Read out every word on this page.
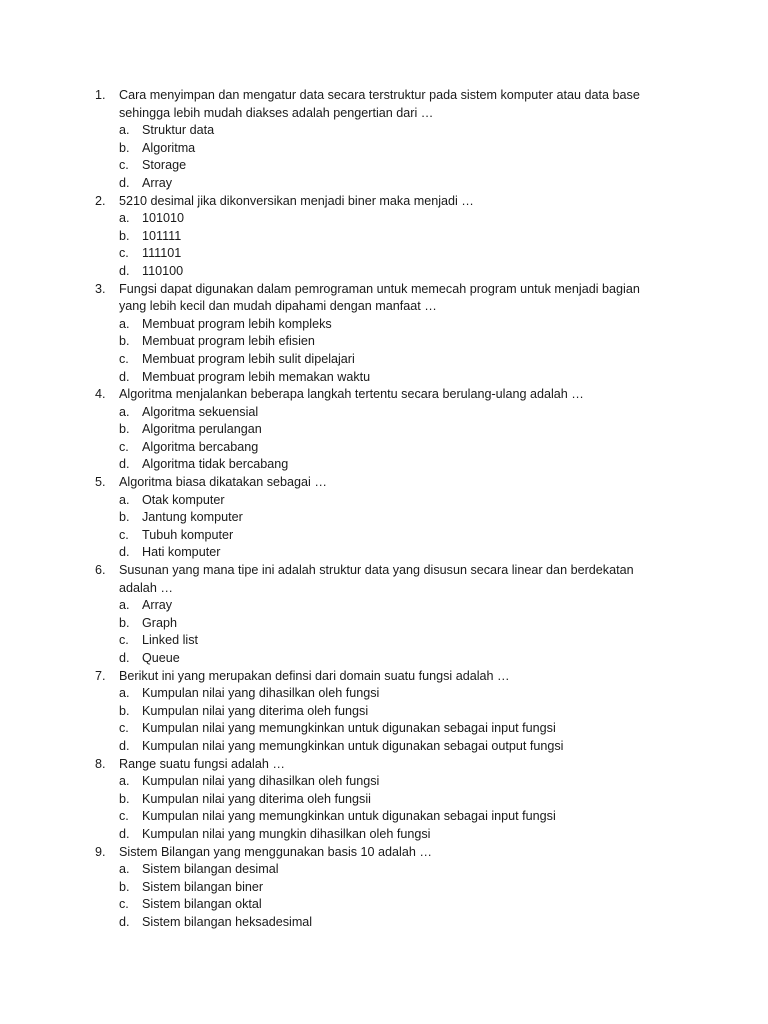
1.	Cara menyimpan dan mengatur data secara terstruktur pada sistem komputer atau data base sehingga lebih mudah diakses adalah pengertian dari …
a. Struktur data
b. Algoritma
c.	Storage
d. Array
2.	5210 desimal jika dikonversikan menjadi biner maka menjadi …
a. 101010
b. 101111
c.	111101
d. 110100
3.	Fungsi dapat digunakan dalam pemrograman untuk memecah program untuk menjadi bagian yang lebih kecil dan mudah dipahami dengan manfaat …
a. Membuat program lebih kompleks
b. Membuat program lebih efisien
c.	Membuat program lebih sulit dipelajari
d. Membuat program lebih memakan waktu
4.	Algoritma menjalankan beberapa langkah tertentu secara berulang-ulang adalah …
a. Algoritma sekuensial
b. Algoritma perulangan
c.	Algoritma bercabang
d. Algoritma tidak bercabang
5.	Algoritma biasa dikatakan sebagai …
a. Otak komputer
b. Jantung komputer
c.	Tubuh komputer
d. Hati komputer
6.	Susunan yang mana tipe ini adalah struktur data yang disusun secara linear dan berdekatan adalah …
a. Array
b. Graph
c.	Linked list
d. Queue
7.	Berikut ini yang merupakan definsi dari domain suatu fungsi adalah …
a. Kumpulan nilai yang dihasilkan oleh fungsi
b. Kumpulan nilai yang diterima oleh fungsi
c.	Kumpulan nilai yang memungkinkan untuk digunakan sebagai input fungsi
d. Kumpulan nilai yang memungkinkan untuk digunakan sebagai output fungsi
8.	Range suatu fungsi adalah …
a. Kumpulan nilai yang dihasilkan oleh fungsi
b. Kumpulan nilai yang diterima oleh fungsii
c.	Kumpulan nilai yang memungkinkan untuk digunakan sebagai input fungsi
d. Kumpulan nilai yang mungkin dihasilkan oleh fungsi
9.	Sistem Bilangan yang menggunakan basis 10 adalah …
a. Sistem bilangan desimal
b. Sistem bilangan biner
c.	Sistem bilangan oktal
d. Sistem bilangan heksadesimal
